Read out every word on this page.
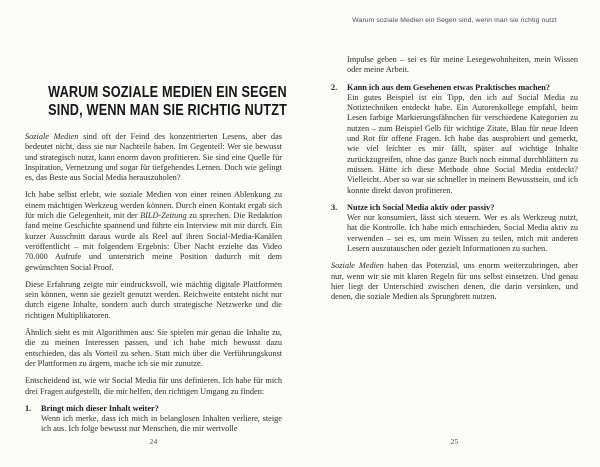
WARUM SOZIALE MEDIEN EIN SEGEN
SIND, WENN MAN SIE RICHTIG NUTZT

Soziale Medien sind oft der Feind des konzentrierten Lesens, aber das bedeutet nicht, dass sie nur Nachteile haben. Im Gegenteil: Wer sie bewusst und strategisch nutzt, kann enorm davon profitieren. Sie sind eine Quelle für Inspiration, Vernetzung und sogar für tiefgehendes Lernen. Doch wie gelingt es, das Beste aus Social Media herauszuholen?

Ich habe selbst erlebt, wie soziale Medien von einer reinen Ablenkung zu einem mächtigen Werkzeug werden können. Durch einen Kontakt ergab sich für mich die Gelegenheit, mit der BILD-Zeitung zu sprechen. Die Redaktion fand meine Geschichte spannend und führte ein Interview mit mir durch. Ein kurzer Ausschnitt daraus wurde als Reel auf ihren Social-Media-Kanälen veröffentlicht – mit folgendem Ergebnis: Über Nacht erzielte das Video 70.000 Aufrufe und unterstrich meine Position dadurch mit dem gewünschten Social Proof.

Diese Erfahrung zeigte mir eindrucksvoll, wie mächtig digitale Plattformen sein können, wenn sie gezielt genutzt werden. Reichweite entsteht nicht nur durch eigene Inhalte, sondern auch durch strategische Netzwerke und die richtigen Multiplikatoren.

Ähnlich sieht es mit Algorithmen aus: Sie spielen mir genau die Inhalte zu, die zu meinen Interessen passen, und ich habe mich bewusst dazu entschieden, das als Vorteil zu sehen. Statt mich über die Verführungskunst der Plattformen zu ärgern, mache ich sie mir zunutze.

Entscheidend ist, wie wir Social Media für uns definieren. Ich habe für mich drei Fragen aufgestellt, die mir helfen, den richtigen Umgang zu finden:

1.	Bringt mich dieser Inhalt weiter?

Wenn ich merke, dass ich mich in belanglosen Inhalten verliere, steige ich aus. Ich folge bewusst nur Menschen, die mir wertvolle

24
Warum soziale Medien ein Segen sind, wenn man sie richtig nutzt

Impulse geben – sei es für meine Lesegewohnheiten, mein Wissen oder meine Arbeit.

2.	Kann ich aus dem Gesehenen etwas Praktisches machen?

Ein gutes Beispiel ist ein Tipp, den ich auf Social Media zu Notiztechniken entdeckt habe. Ein Autorenkollege empfahl, beim Lesen farbige Markierungsfähnchen für verschiedene Kategorien zu nutzen – zum Beispiel Gelb für wichtige Zitate, Blau für neue Ideen und Rot für offene Fragen. Ich habe das ausprobiert und gemerkt, wie viel leichter es mir fällt, später auf wichtige Inhalte zurückzugreifen, ohne das ganze Buch noch einmal durchblättern zu müssen. Hätte ich diese Methode ohne Social Media entdeckt? Vielleicht. Aber so war sie schneller in meinem Bewusstsein, und ich konnte direkt davon profitieren.

3.	Nutze ich Social Media aktiv oder passiv?

Wer nur konsumiert, lässt sich steuern. Wer es als Werkzeug nutzt, hat die Kontrolle. Ich habe mich entschieden, Social Media aktiv zu verwenden – sei es, um mein Wissen zu teilen, mich mit anderen Lesern auszutauschen oder gezielt Informationen zu suchen.

Soziale Medien haben das Potenzial, uns enorm weiterzubringen, aber nur, wenn wir sie mit klaren Regeln für uns selbst einsetzen. Und genau hier liegt der Unterschied zwischen denen, die darin versinken, und denen, die soziale Medien als Sprungbrett nutzen.

25
